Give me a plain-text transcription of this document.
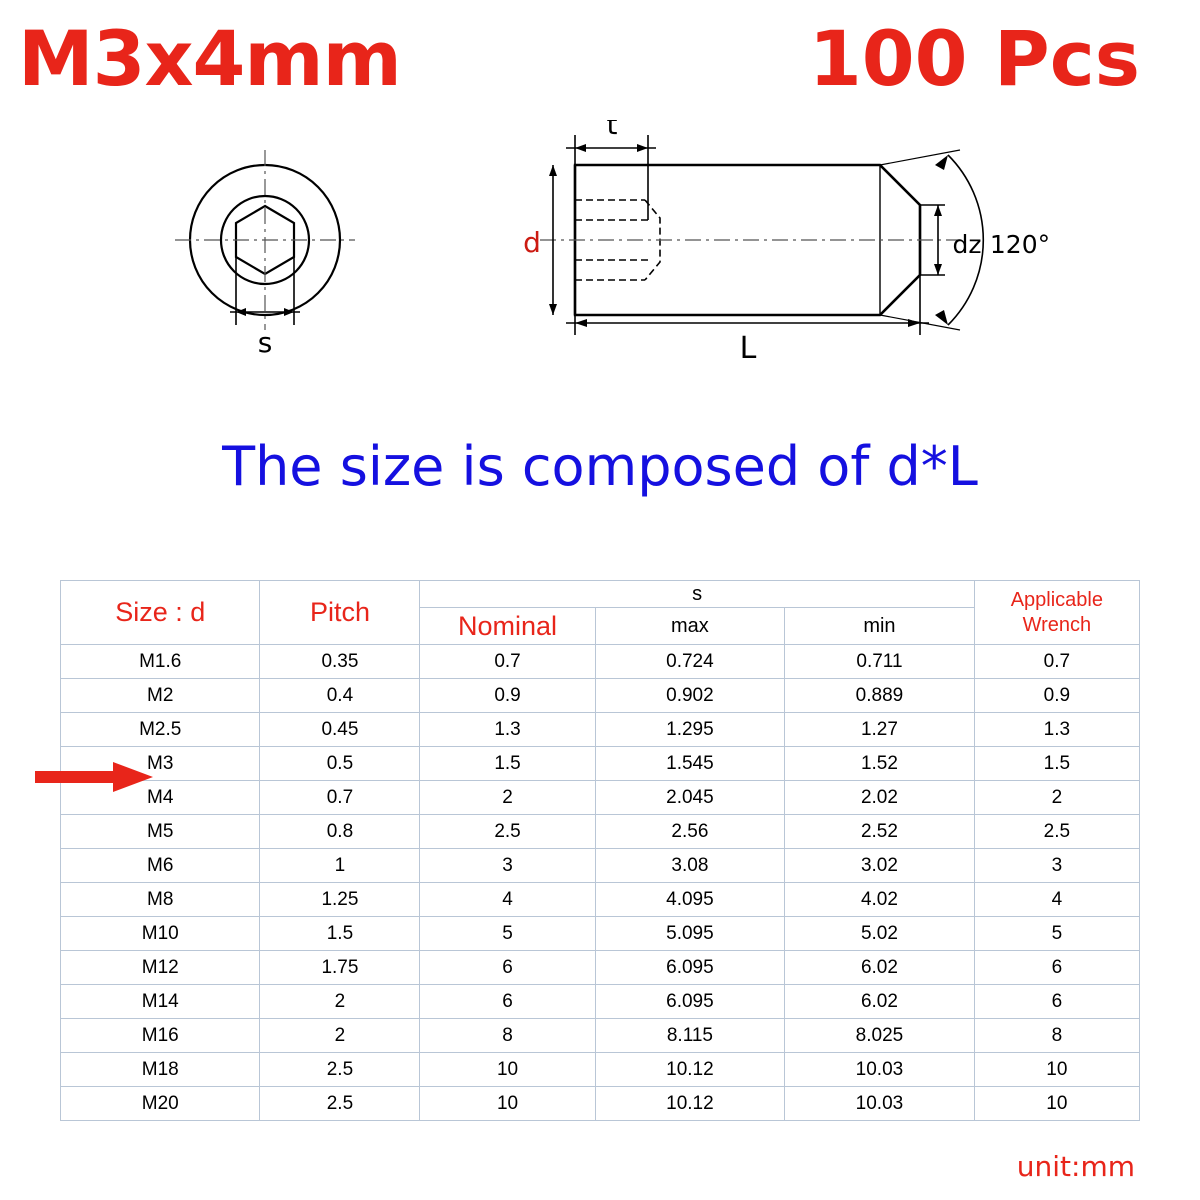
M3x4mm	100 Pcs
s
t
d	dz 120°
L
The size is composed of d*L
Size : d	Pitch	s			Applicable
Wrench

		Nominal	max	min	
M1.6	0.35	0.7	0.724	0.711	0.7
M2	0.4	0.9	0.902	0.889	0.9
M2.5	0.45	1.3	1.295	1.27	1.3
M3	0.5	1.5	1.545	1.52	1.5
M4	0.7	2	2.045	2.02	2
M5	0.8	2.5	2.56	2.52	2.5
M6	1	3	3.08	3.02	3
M8	1.25	4	4.095	4.02	4
M10	1.5	5	5.095	5.02	5
M12	1.75	6	6.095	6.02	6
M14	2	6	6.095	6.02	6
M16	2	8	8.115	8.025	8
M18	2.5	10	10.12	10.03	10
M20	2.5	10	10.12	10.03	10
unit:mm
